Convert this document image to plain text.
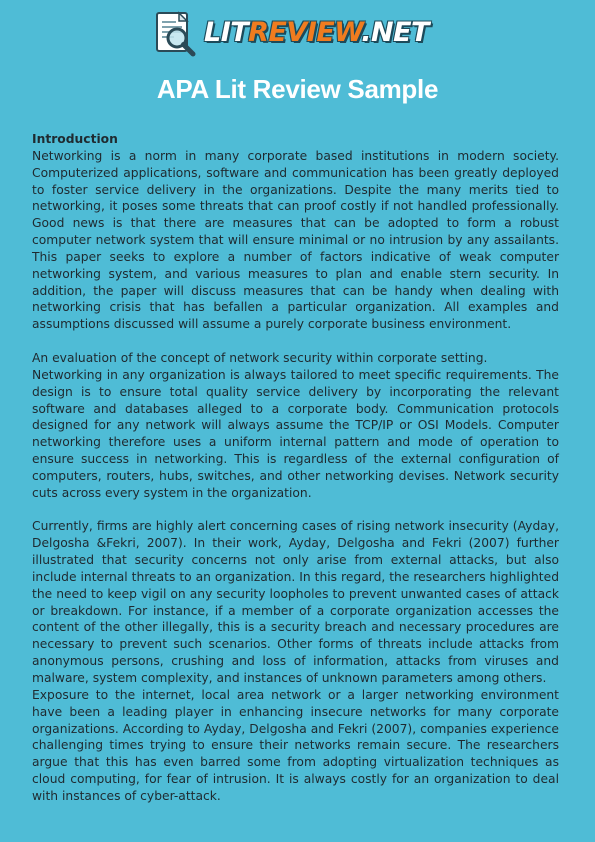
LITREVIEW.NET
APA Lit Review Sample

Introduction

Networking is a norm in many corporate based institutions in modern society. Computerized applications, software and communication has been greatly deployed to foster service delivery in the organizations. Despite the many merits tied to networking, it poses some threats that can proof costly if not handled professionally. Good news is that there are measures that can be adopted to form a robust computer network system that will ensure minimal or no intrusion by any assailants. This paper seeks to explore a number of factors indicative of weak computer networking system, and various measures to plan and enable stern security. In addition, the paper will discuss measures that can be handy when dealing with networking crisis that has befallen a particular organization. All examples and assumptions discussed will assume a purely corporate business environment.

An evaluation of the concept of network security within corporate setting.

Networking in any organization is always tailored to meet specific requirements. The design is to ensure total quality service delivery by incorporating the relevant software and databases alleged to a corporate body. Communication protocols designed for any network will always assume the TCP/IP or OSI Models. Computer networking therefore uses a uniform internal pattern and mode of operation to ensure success in networking. This is regardless of the external configuration of computers, routers, hubs, switches, and other networking devises. Network security cuts across every system in the organization.

Currently, firms are highly alert concerning cases of rising network insecurity (Ayday, Delgosha &Fekri, 2007). In their work, Ayday, Delgosha and Fekri (2007) further illustrated that security concerns not only arise from external attacks, but also include internal threats to an organization. In this regard, the researchers highlighted the need to keep vigil on any security loopholes to prevent unwanted cases of attack or breakdown. For instance, if a member of a corporate organization accesses the content of the other illegally, this is a security breach and necessary procedures are necessary to prevent such scenarios. Other forms of threats include attacks from anonymous persons, crushing and loss of information, attacks from viruses and malware, system complexity, and instances of unknown parameters among others.

Exposure to the internet, local area network or a larger networking environment have been a leading player in enhancing insecure networks for many corporate organizations. According to Ayday, Delgosha and Fekri (2007), companies experience challenging times trying to ensure their networks remain secure. The researchers argue that this has even barred some from adopting virtualization techniques as cloud computing, for fear of intrusion. It is always costly for an organization to deal with instances of cyber-attack.
